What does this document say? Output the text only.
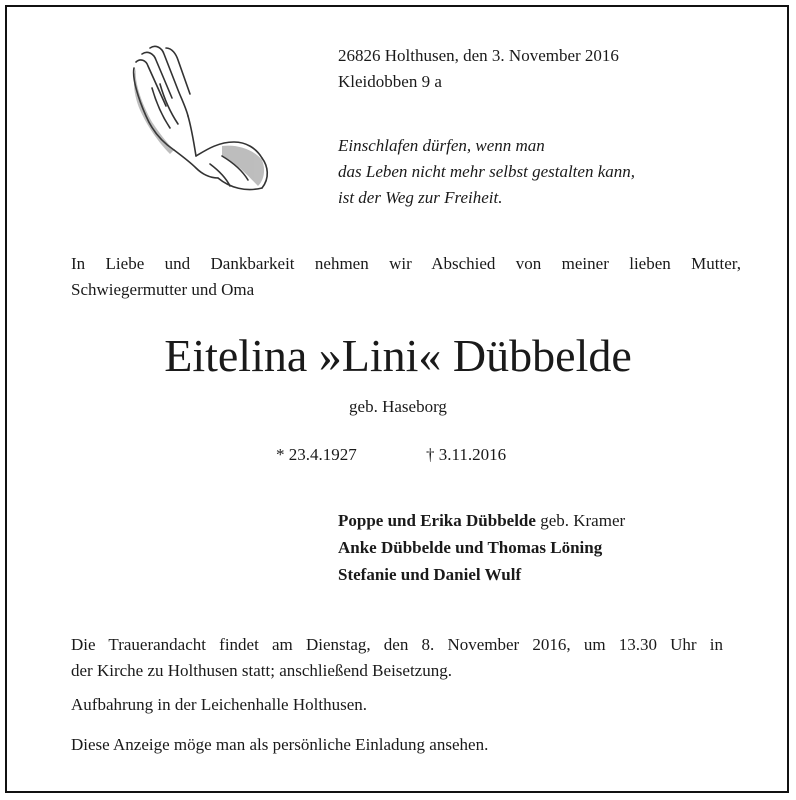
26826 Holthusen, den 3. November 2016
Kleidobben 9 a
Einschlafen dürfen, wenn man
das Leben nicht mehr selbst gestalten kann,
ist der Weg zur Freiheit.
In Liebe und Dankbarkeit nehmen wir Abschied von meiner lieben Mutter,
Schwiegermutter und Oma
Eitelina »Lini« Dübbelde
geb. Haseborg
* 23.4.1927	† 3.11.2016
Poppe und Erika Dübbelde geb. Kramer
Anke Dübbelde und Thomas Löning
Stefanie und Daniel Wulf
Die Trauerandacht findet am Dienstag, den 8. November 2016, um 13.30 Uhr in
der Kirche zu Holthusen statt; anschließend Beisetzung.
Aufbahrung in der Leichenhalle Holthusen.
Diese Anzeige möge man als persönliche Einladung ansehen.
